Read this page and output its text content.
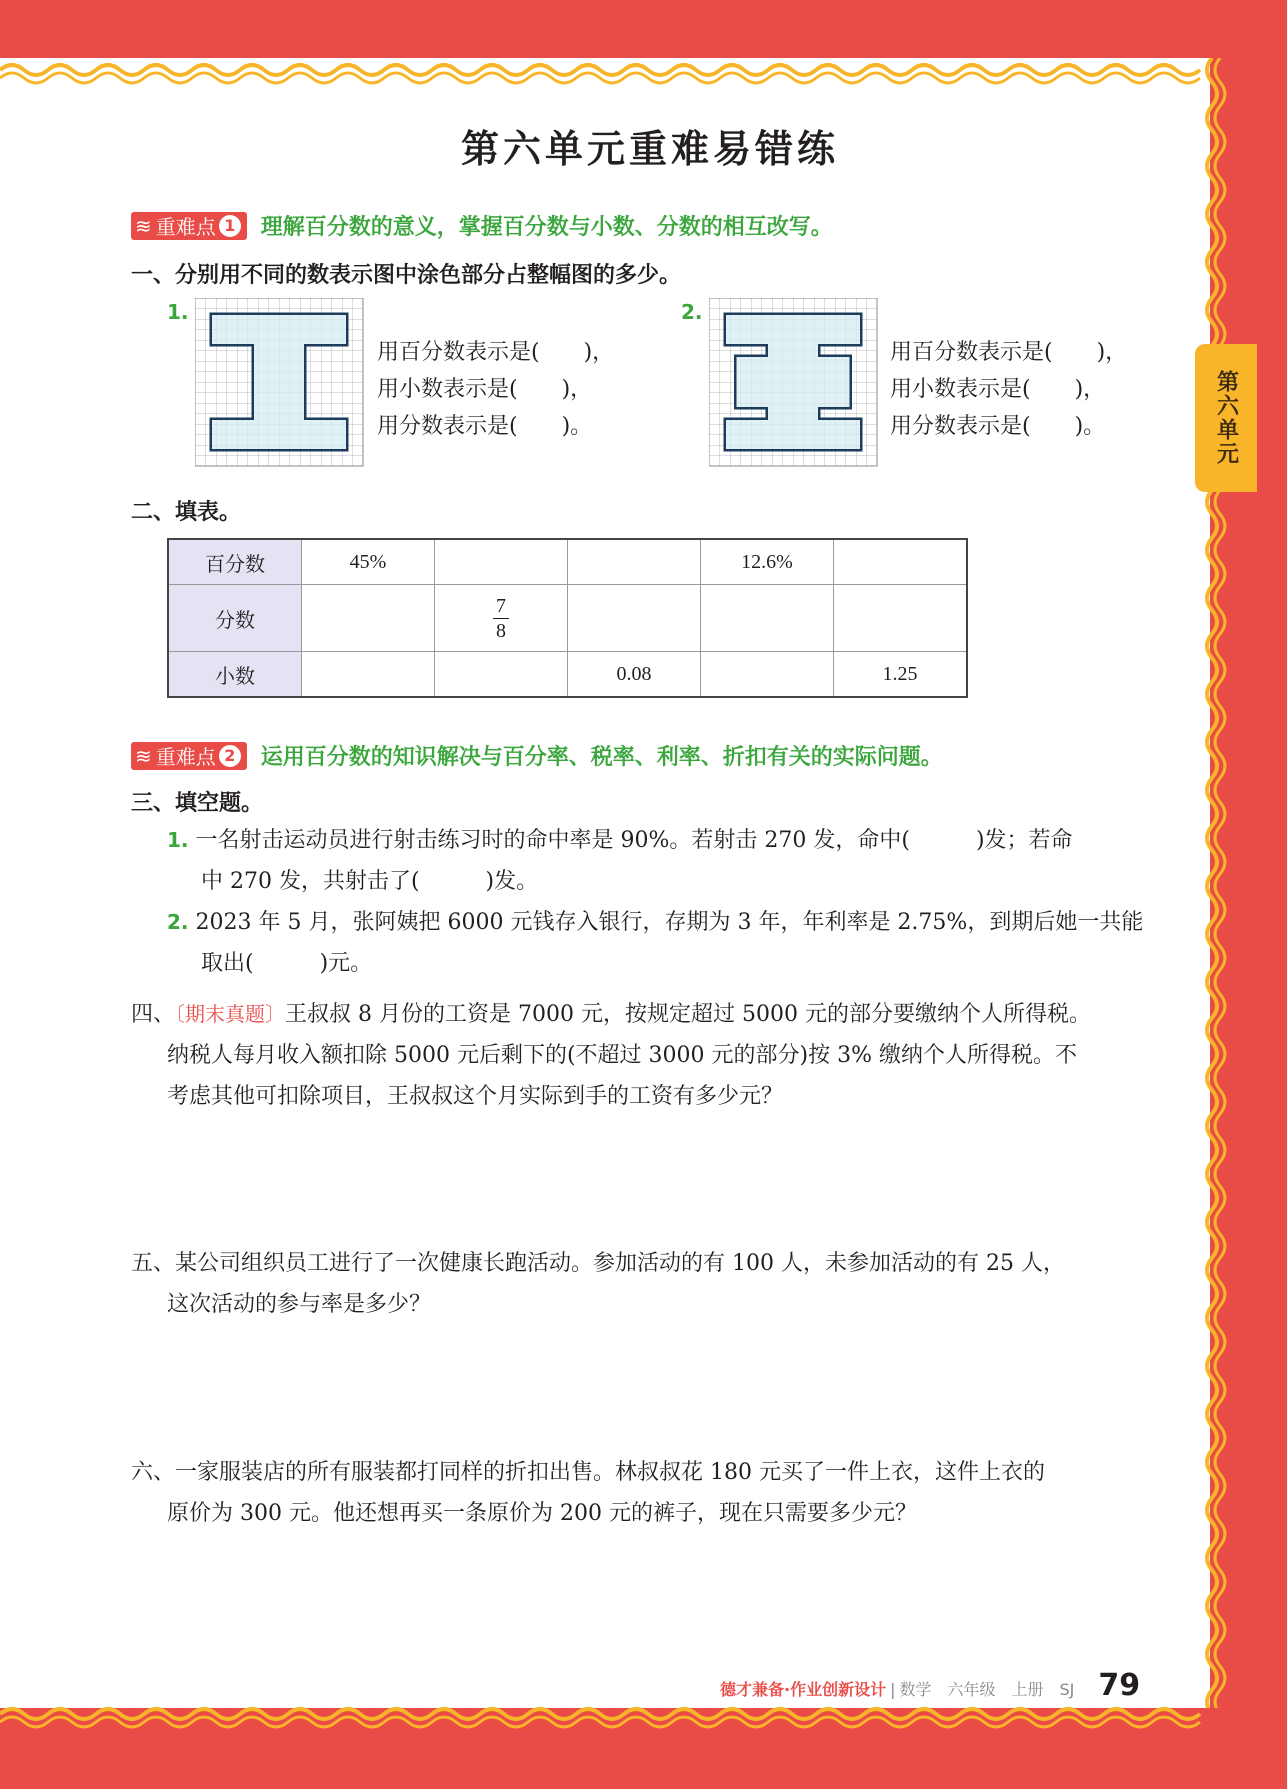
第六单元
第六单元重难易错练
≋ 重难点 1 理解百分数的意义，掌握百分数与小数、分数的相互改写。
一、分别用不同的数表示图中涂色部分占整幅图的多少。
1.
用百分数表示是(　　)，
用小数表示是(　　)，
用分数表示是(　　)。
2.
用百分数表示是(　　)，
用小数表示是(　　)，
用分数表示是(　　)。
二、填表。
百分数	45%			12.6%	
分数		$\frac{7}{8}$

小数			0.08		1.25
≋ 重难点 2 运用百分数的知识解决与百分率、税率、利率、折扣有关的实际问题。
三、填空题。
1. 一名射击运动员进行射击练习时的命中率是 90%。若射击 270 发，命中(　　　)发；若命
中 270 发，共射击了(　　　)发。
2. 2023 年 5 月，张阿姨把 6000 元钱存入银行，存期为 3 年，年利率是 2.75%，到期后她一共能
取出(　　　)元。
四、〔期末真题〕王叔叔 8 月份的工资是 7000 元，按规定超过 5000 元的部分要缴纳个人所得税。
纳税人每月收入额扣除 5000 元后剩下的(不超过 3000 元的部分)按 3% 缴纳个人所得税。不
考虑其他可扣除项目，王叔叔这个月实际到手的工资有多少元？
五、某公司组织员工进行了一次健康长跑活动。参加活动的有 100 人，未参加活动的有 25 人，
这次活动的参与率是多少？
六、一家服装店的所有服装都打同样的折扣出售。林叔叔花 180 元买了一件上衣，这件上衣的
原价为 300 元。他还想再买一条原价为 200 元的裤子，现在只需要多少元？
德才兼备·作业创新设计 | 数学　六年级　上册　SJ 79
